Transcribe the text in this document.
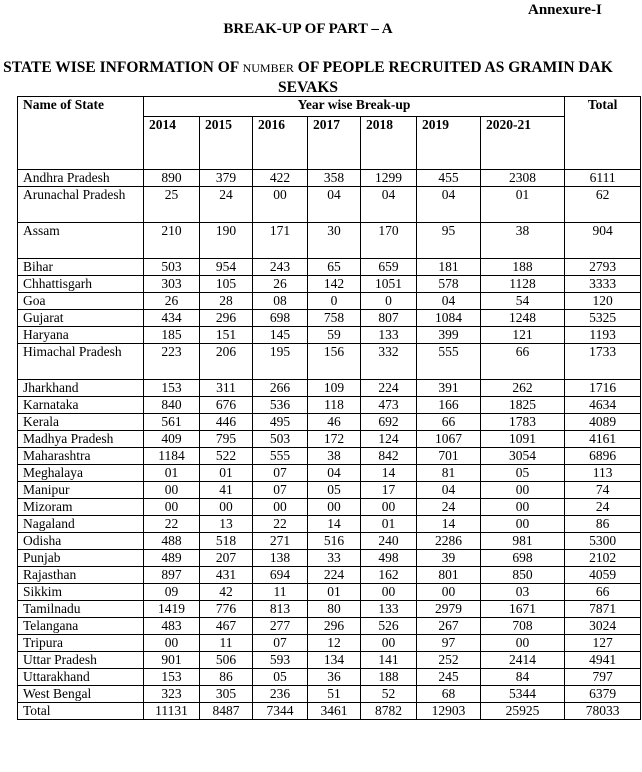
Annexure-I
BREAK-UP OF PART – A
STATE WISE INFORMATION OF NUMBER OF PEOPLE RECRUITED AS GRAMIN DAK SEVAKS
Name of State	Year wise Break-up							Total
	2014	2015	2016	2017	2018	2019	2020-21	
Andhra Pradesh	890	379	422	358	1299	455	2308	6111
Arunachal Pradesh	25	24	00	04	04	04	01	62
Assam	210	190	171	30	170	95	38	904
Bihar	503	954	243	65	659	181	188	2793
Chhattisgarh	303	105	26	142	1051	578	1128	3333
Goa	26	28	08	0	0	04	54	120
Gujarat	434	296	698	758	807	1084	1248	5325
Haryana	185	151	145	59	133	399	121	1193
Himachal Pradesh	223	206	195	156	332	555	66	1733
Jharkhand	153	311	266	109	224	391	262	1716
Karnataka	840	676	536	118	473	166	1825	4634
Kerala	561	446	495	46	692	66	1783	4089
Madhya Pradesh	409	795	503	172	124	1067	1091	4161
Maharashtra	1184	522	555	38	842	701	3054	6896
Meghalaya	01	01	07	04	14	81	05	113
Manipur	00	41	07	05	17	04	00	74
Mizoram	00	00	00	00	00	24	00	24
Nagaland	22	13	22	14	01	14	00	86
Odisha	488	518	271	516	240	2286	981	5300
Punjab	489	207	138	33	498	39	698	2102
Rajasthan	897	431	694	224	162	801	850	4059
Sikkim	09	42	11	01	00	00	03	66
Tamilnadu	1419	776	813	80	133	2979	1671	7871
Telangana	483	467	277	296	526	267	708	3024
Tripura	00	11	07	12	00	97	00	127
Uttar Pradesh	901	506	593	134	141	252	2414	4941
Uttarakhand	153	86	05	36	188	245	84	797
West Bengal	323	305	236	51	52	68	5344	6379
Total	11131	8487	7344	3461	8782	12903	25925	78033
